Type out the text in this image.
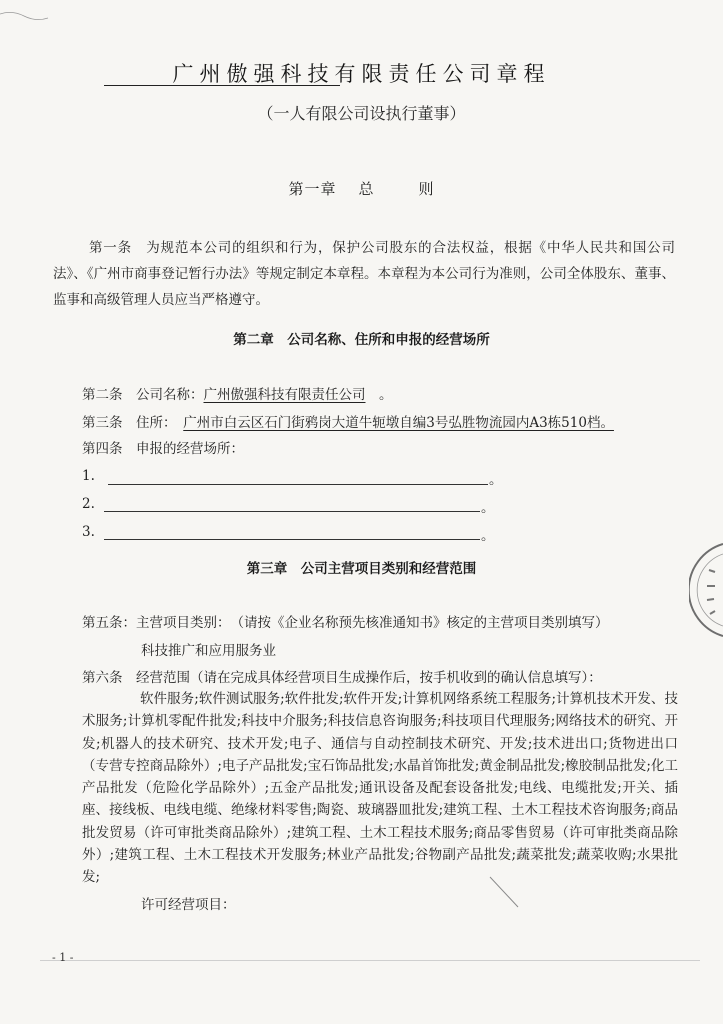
广州傲强科技有限责任公司章程
（一人有限公司设执行董事）
第一章 总	则
第一条　为规范本公司的组织和行为，保护公司股东的合法权益，根据《中华人民共和国公司法》、《广州市商事登记暂行办法》等规定制定本章程。本章程为本公司行为准则，公司全体股东、董事、监事和高级管理人员应当严格遵守。
第二章　公司名称、住所和申报的经营场所
第二条　 公司名称：广州傲强科技有限责任公司　 。
第三条　 住所：　 广州市白云区石门街鸦岗大道牛轭墩自编3号弘胜物流园内A3栋510档。
第四条　 申报的经营场所：
1.	。
2.	。
3.	。
第三章　公司主营项目类别和经营范围
第五条：主营项目类别：　 （请按《企业名称预先核准通知书》核定的主营项目类别填写）
科技推广和应用服务业
第六条　 经营范围（请在完成具体经营项目生成操作后，按手机收到的确认信息填写）：
软件服务;软件测试服务;软件批发;软件开发;计算机网络系统工程服务;计算机技术开发、技术服务;计算机零配件批发;科技中介服务;科技信息咨询服务;科技项目代理服务;网络技术的研究、开发;机器人的技术研究、技术开发;电子、通信与自动控制技术研究、开发;技术进出口;货物进出口（专营专控商品除外）;电子产品批发;宝石饰品批发;水晶首饰批发;黄金制品批发;橡胶制品批发;化工产品批发（危险化学品除外）;五金产品批发;通讯设备及配套设备批发;电线、电缆批发;开关、插座、接线板、电线电缆、绝缘材料零售;陶瓷、玻璃器皿批发;建筑工程、土木工程技术咨询服务;商品批发贸易（许可审批类商品除外）;建筑工程、土木工程技术服务;商品零售贸易（许可审批类商品除外）;建筑工程、土木工程技术开发服务;林业产品批发;谷物副产品批发;蔬菜批发;蔬菜收购;水果批发;
许可经营项目：
- 1 -
